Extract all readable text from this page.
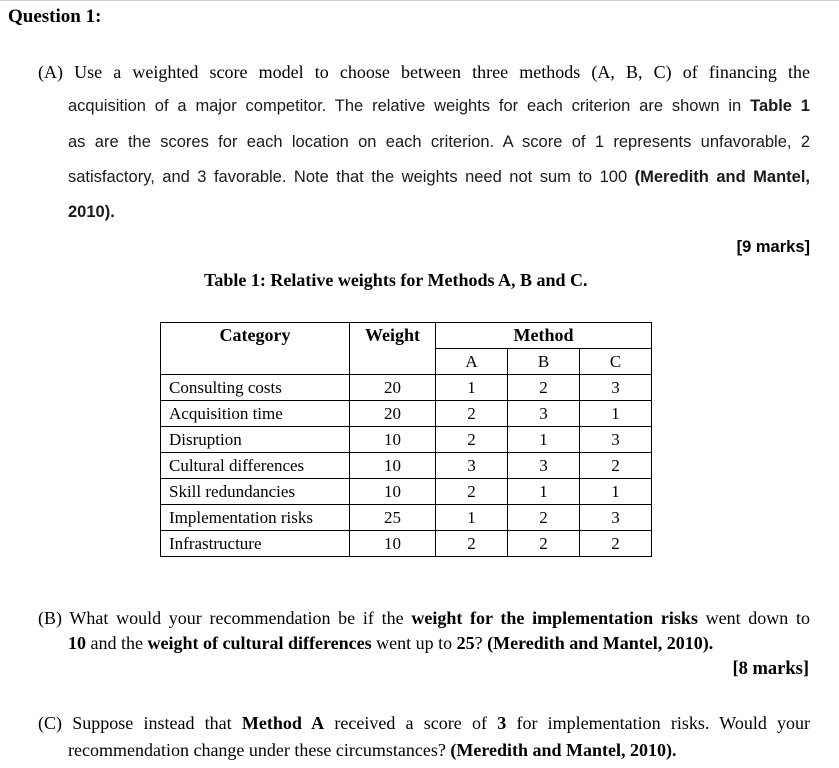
Question 1:
(A) Use a weighted score model to choose between three methods (A, B, C) of financing the
acquisition of a major competitor. The relative weights for each criterion are shown in Table 1
as are the scores for each location on each criterion. A score of 1 represents unfavorable, 2
satisfactory, and 3 favorable. Note that the weights need not sum to 100 (Meredith and Mantel,
2010).
[9 marks]
Table 1: Relative weights for Methods A, B and C.
Category	Weight	Method		
		A	B	C
Consulting costs	20	1	2	3
Acquisition time	20	2	3	1
Disruption	10	2	1	3
Cultural differences	10	3	3	2
Skill redundancies	10	2	1	1
Implementation risks	25	1	2	3
Infrastructure	10	2	2	2
(B) What would your recommendation be if the weight for the implementation risks went down to
10 and the weight of cultural differences went up to 25? (Meredith and Mantel, 2010).
[8 marks]
(C) Suppose instead that Method A received a score of 3 for implementation risks. Would your
recommendation change under these circumstances? (Meredith and Mantel, 2010).
